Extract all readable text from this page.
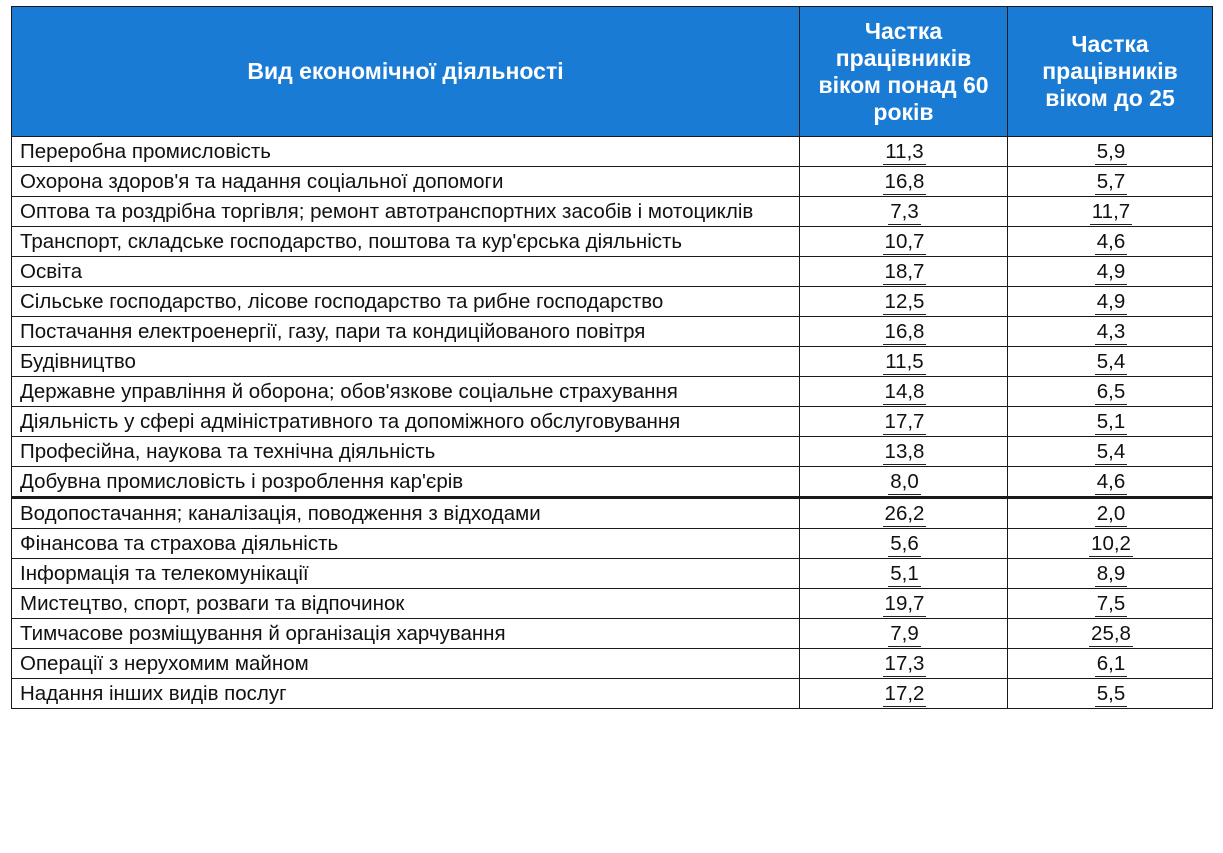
Вид економічної діяльності	Частка працівників віком понад 60 років	Частка працівників віком до 25
Переробна промисловість	11,3	5,9
Охорона здоров'я та надання соціальної допомоги	16,8	5,7
Оптова та роздрібна торгівля; ремонт автотранспортних засобів і мотоциклів	7,3	11,7
Транспорт, складське господарство, поштова та кур'єрська діяльність	10,7	4,6
Освіта	18,7	4,9
Сільське господарство, лісове господарство та рибне господарство	12,5	4,9
Постачання електроенергії, газу, пари та кондиційованого повітря	16,8	4,3
Будівництво	11,5	5,4
Державне управління й оборона; обов'язкове соціальне страхування	14,8	6,5
Діяльність у сфері адміністративного та допоміжного обслуговування	17,7	5,1
Професійна, наукова та технічна діяльність	13,8	5,4
Добувна промисловість і розроблення кар'єрів	8,0	4,6
Водопостачання; каналізація, поводження з відходами	26,2	2,0
Фінансова та страхова діяльність	5,6	10,2
Інформація та телекомунікації	5,1	8,9
Мистецтво, спорт, розваги та відпочинок	19,7	7,5
Тимчасове розміщування й організація харчування	7,9	25,8
Операції з нерухомим майном	17,3	6,1
Надання інших видів послуг	17,2	5,5
